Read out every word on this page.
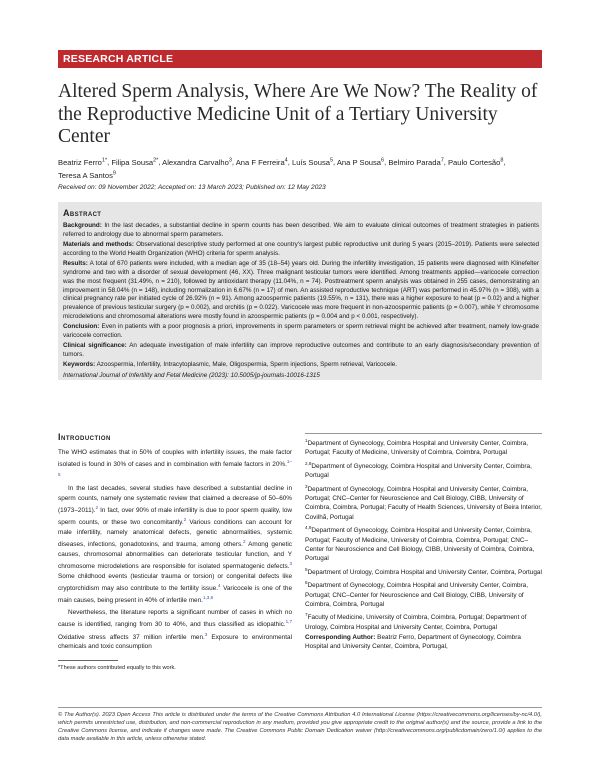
RESEARCH ARTICLE
Altered Sperm Analysis, Where Are We Now? The Reality of the Reproductive Medicine Unit of a Tertiary University Center
Beatriz Ferro$^{1*}$, Filipa Sousa$^{2*}$, Alexandra Carvalho$^3$, Ana F Ferreira$^4$, Luís Sousa$^5$, Ana P Sousa$^6$, Belmiro Parada$^7$, Paulo Cortesão$^8$, Teresa A Santos$^9$
Received on: 09 November 2022; Accepted on: 13 March 2023; Published on: 12 May 2023
Abstract

Background: In the last decades, a substantial decline in sperm counts has been described. We aim to evaluate clinical outcomes of treatment strategies in patients referred to andrology due to abnormal sperm parameters.

Materials and methods: Observational descriptive study performed at one country's largest public reproductive unit during 5 years (2015–2019). Patients were selected according to the World Health Organization (WHO) criteria for sperm analysis.

Results: A total of 670 patients were included, with a median age of 35 (18–54) years old. During the infertility investigation, 15 patients were diagnosed with Klinefelter syndrome and two with a disorder of sexual development (46, XX). Three malignant testicular tumors were identified. Among treatments applied—varicocele correction was the most frequent (31.49%, n = 210), followed by antioxidant therapy (11.04%, n = 74). Posttreatment sperm analysis was obtained in 255 cases, demonstrating an improvement in 58.04% (n = 148), including normalization in 6.67% (n = 17) of men. An assisted reproductive technique (ART) was performed in 45.97% (n = 308), with a clinical pregnancy rate per initiated cycle of 26.92% (n = 91). Among azoospermic patients (19.55%, n = 131), there was a higher exposure to heat (p = 0.02) and a higher prevalence of previous testicular surgery (p = 0.002), and orchitis (p = 0.022). Varicocele was more frequent in non-azoospermic patients (p = 0.007), while Y chromosome microdeletions and chromosomal alterations were mostly found in azoospermic patients (p = 0.004 and p < 0.001, respectively).

Conclusion: Even in patients with a poor prognosis a priori, improvements in sperm parameters or sperm retrieval might be achieved after treatment, namely low-grade varicocele correction.

Clinical significance: An adequate investigation of male infertility can improve reproductive outcomes and contribute to an early diagnosis/secondary prevention of tumors.

Keywords: Azoospermia, Infertility, Intracytoplasmic, Male, Oligospermia, Sperm injections, Sperm retrieval, Varicocele.

International Journal of Infertility and Fetal Medicine (2023): 10.5005/jp-journals-10016-1315

Introduction

The WHO estimates that in 50% of couples with infertility issues, the male factor isolated is found in 30% of cases and in combination with female factors in 20%.$^{1-5}$

In the last decades, several studies have described a substantial decline in sperm counts, namely one systematic review that claimed a decrease of 50–60% (1973–2011).$^2$ In fact, over 90% of male infertility is due to poor sperm quality, low sperm counts, or these two concomitantly.$^2$ Various conditions can account for male infertility, namely anatomical defects, genetic abnormalities, systemic diseases, infections, gonadotoxins, and trauma, among others.$^2$ Among genetic causes, chromosomal abnormalities can deteriorate testicular function, and Y chromosome microdeletions are responsible for isolated spermatogenic defects.$^3$ Some childhood events (testicular trauma or torsion) or congenital defects like cryptorchidism may also contribute to the fertility issue.$^4$ Varicocele is one of the main causes, being present in 40% of infertile men.$^{1,3,6}$

Nevertheless, the literature reports a significant number of cases in which no cause is identified, ranging from 30 to 40%, and thus classified as idiopathic.$^{1,7}$ Oxidative stress affects 37 million infertile men.$^3$ Exposure to environmental chemicals and toxic consumption

*These authors contributed equally to this work.

$^1$Department of Gynecology, Coimbra Hospital and University Center, Coimbra, Portugal; Faculty of Medicine, University of Coimbra, Coimbra, Portugal

$^{2,8}$Department of Gynecology, Coimbra Hospital and University Center, Coimbra, Portugal

$^3$Department of Gynecology, Coimbra Hospital and University Center, Coimbra, Portugal; CNC–Center for Neuroscience and Cell Biology, CIBB, University of Coimbra, Coimbra, Portugal; Faculty of Health Sciences, University of Beira Interior, Covilhã, Portugal

$^{4,9}$Department of Gynecology, Coimbra Hospital and University Center, Coimbra, Portugal; Faculty of Medicine, University of Coimbra, Coimbra, Portugal; CNC–Center for Neuroscience and Cell Biology, CIBB, University of Coimbra, Coimbra, Portugal

$^5$Department of Urology, Coimbra Hospital and University Center, Coimbra, Portugal

$^6$Department of Gynecology, Coimbra Hospital and University Center, Coimbra, Portugal; CNC–Center for Neuroscience and Cell Biology, CIBB, University of Coimbra, Coimbra, Portugal

$^7$Faculty of Medicine, University of Coimbra, Coimbra, Portugal; Department of Urology, Coimbra Hospital and University Center, Coimbra, Portugal

Corresponding Author: Beatriz Ferro, Department of Gynecology, Coimbra Hospital and University Center, Coimbra, Portugal,

© The Author(s). 2023 Open Access This article is distributed under the terms of the Creative Commons Attribution 4.0 International License (https://creativecommons.org/licenses/by-nc/4.0/), which permits unrestricted use, distribution, and non-commercial reproduction in any medium, provided you give appropriate credit to the original author(s) and the source, provide a link to the Creative Commons license, and indicate if changes were made. The Creative Commons Public Domain Dedication waiver (http://creativecommons.org/publicdomain/zero/1.0/) applies to the data made available in this article, unless otherwise stated.
